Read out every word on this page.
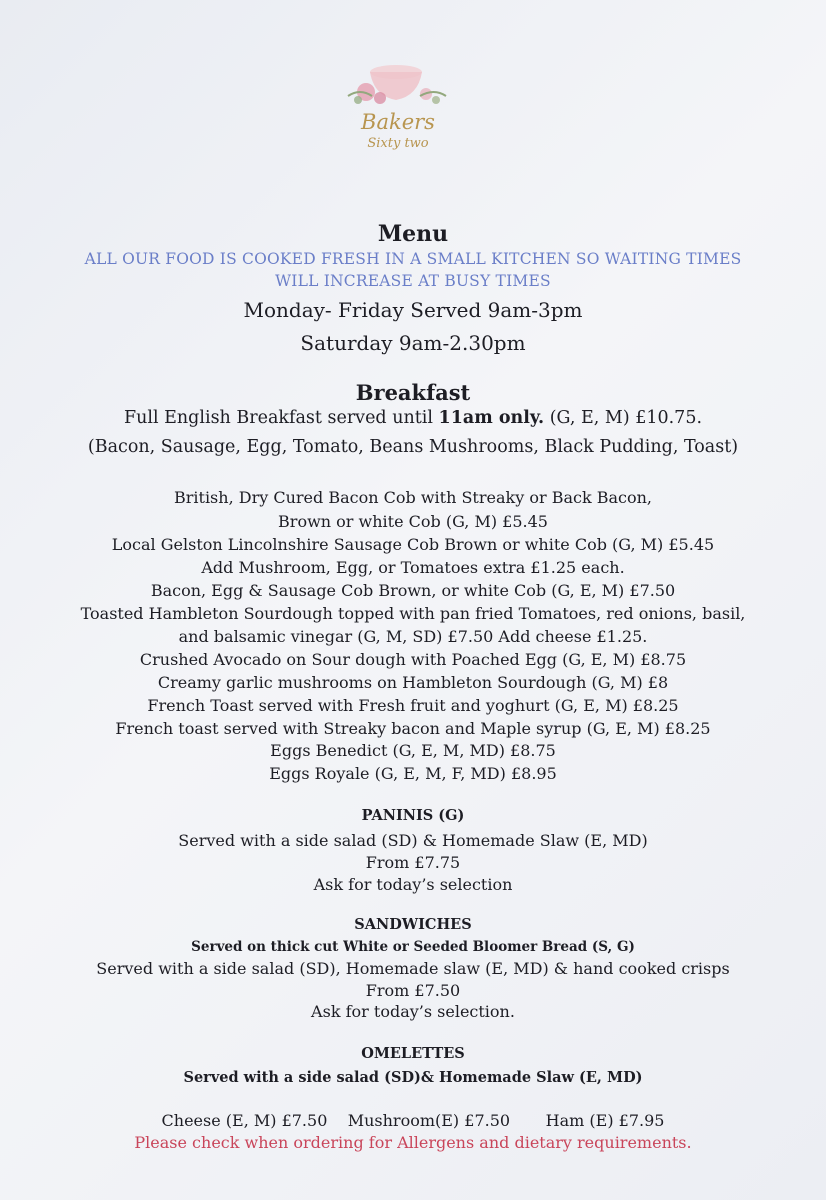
Bakers
Sixty two
Menu
ALL OUR FOOD IS COOKED FRESH IN A SMALL KITCHEN SO WAITING TIMES
WILL INCREASE AT BUSY TIMES
Monday- Friday Served 9am-3pm
Saturday 9am-2.30pm
Breakfast
Full English Breakfast served until 11am only. (G, E, M) £10.75.
(Bacon, Sausage, Egg, Tomato, Beans Mushrooms, Black Pudding, Toast)
British, Dry Cured Bacon Cob with Streaky or Back Bacon,
Brown or white Cob (G, M) £5.45
Local Gelston Lincolnshire Sausage Cob Brown or white Cob (G, M) £5.45
Add Mushroom, Egg, or Tomatoes extra £1.25 each.
Bacon, Egg & Sausage Cob Brown, or white Cob (G, E, M) £7.50
Toasted Hambleton Sourdough topped with pan fried Tomatoes, red onions, basil,
and balsamic vinegar (G, M, SD) £7.50 Add cheese £1.25.
Crushed Avocado on Sour dough with Poached Egg (G, E, M) £8.75
Creamy garlic mushrooms on Hambleton Sourdough (G, M) £8
French Toast served with Fresh fruit and yoghurt (G, E, M) £8.25
French toast served with Streaky bacon and Maple syrup (G, E, M) £8.25
Eggs Benedict (G, E, M, MD) £8.75
Eggs Royale (G, E, M, F, MD) £8.95
PANINIS (G)
Served with a side salad (SD) & Homemade Slaw (E, MD)
From £7.75
Ask for today’s selection
SANDWICHES
Served on thick cut White or Seeded Bloomer Bread (S, G)
Served with a side salad (SD), Homemade slaw (E, MD) & hand cooked crisps
From £7.50
Ask for today’s selection.
OMELETTES
Served with a side salad (SD)& Homemade Slaw (E, MD)
Cheese (E, M) £7.50 Mushroom(E) £7.50 Ham (E) £7.95
Please check when ordering for Allergens and dietary requirements.
